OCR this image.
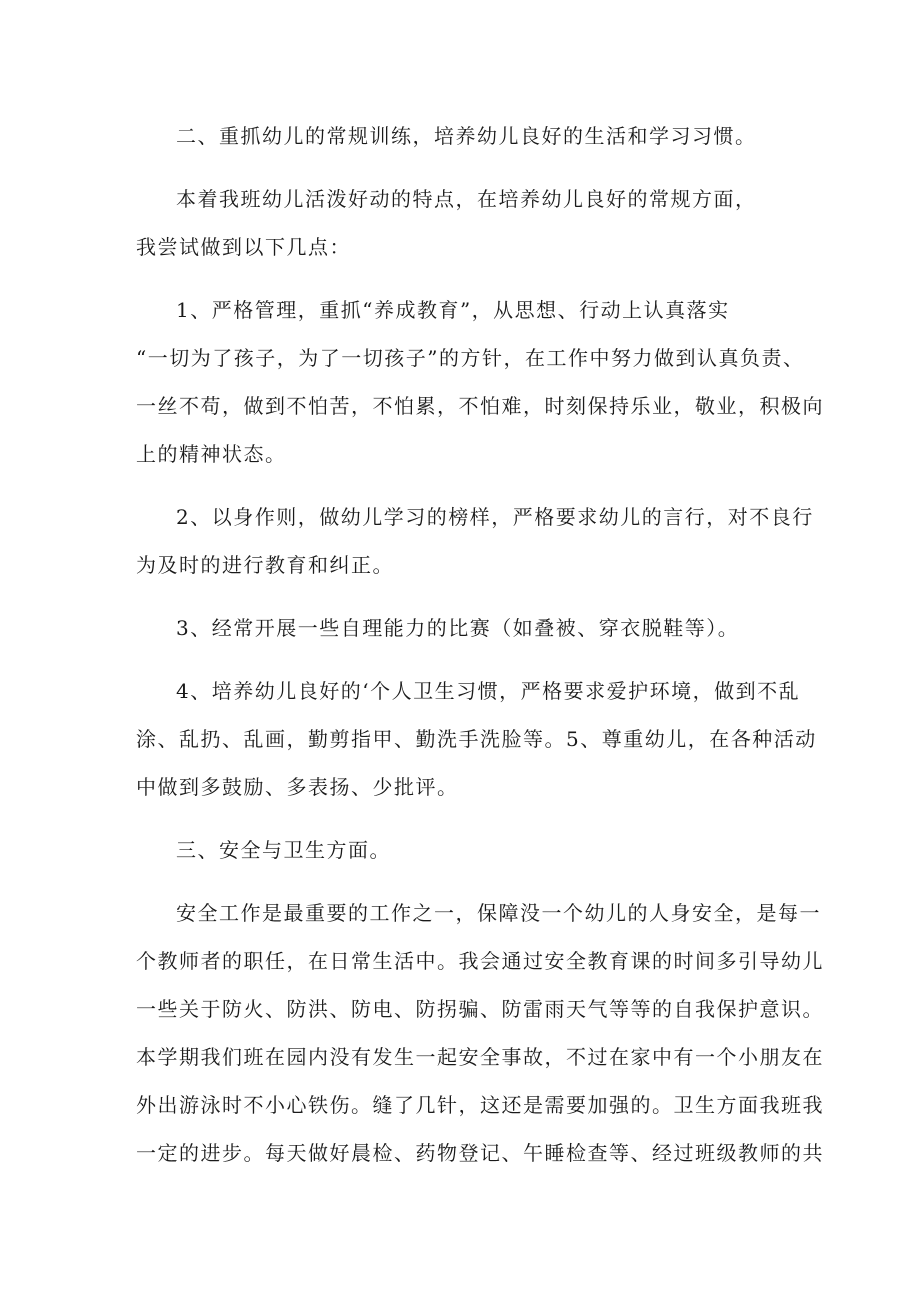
二、重抓幼儿的常规训练，培养幼儿良好的生活和学习习惯。
本着我班幼儿活泼好动的特点，在培养幼儿良好的常规方面，
我尝试做到以下几点：
1、严格管理，重抓“养成教育”，从思想、行动上认真落实
“一切为了孩子，为了一切孩子”的方针，在工作中努力做到认真负责、
一丝不苟，做到不怕苦，不怕累，不怕难，时刻保持乐业，敬业，积极向
上的精神状态。
2、以身作则，做幼儿学习的榜样，严格要求幼儿的言行，对不良行
为及时的进行教育和纠正。
3、经常开展一些自理能力的比赛（如叠被、穿衣脱鞋等）。
4、培养幼儿良好的‘个人卫生习惯，严格要求爱护环境，做到不乱
涂、乱扔、乱画，勤剪指甲、勤洗手洗脸等。5、尊重幼儿，在各种活动
中做到多鼓励、多表扬、少批评。
三、安全与卫生方面。
安全工作是最重要的工作之一，保障没一个幼儿的人身安全，是每一
个教师者的职任，在日常生活中。我会通过安全教育课的时间多引导幼儿
一些关于防火、防洪、防电、防拐骗、防雷雨天气等等的自我保护意识。
本学期我们班在园内没有发生一起安全事故，不过在家中有一个小朋友在
外出游泳时不小心铁伤。缝了几针，这还是需要加强的。卫生方面我班我
一定的进步。每天做好晨检、药物登记、午睡检查等、经过班级教师的共
